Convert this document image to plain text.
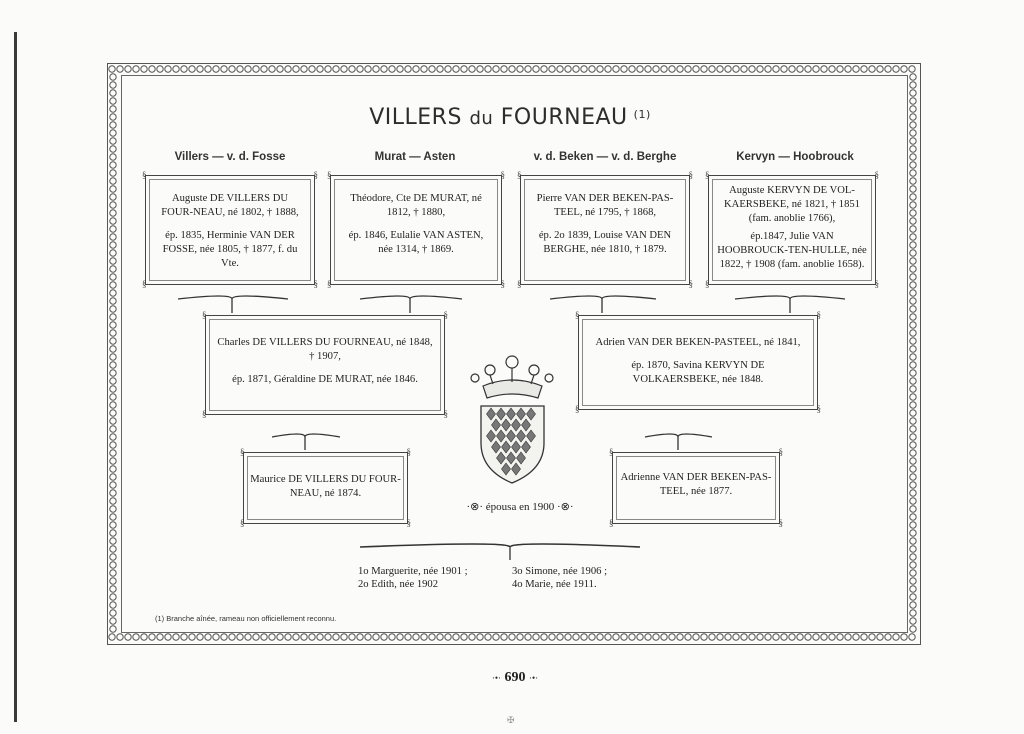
VILLERS du FOURNEAU $^{(1)}$
Villers — v. d. Fosse	Murat — Asten	v. d. Beken — v. d. Berghe	Kervyn — Hoobrouck
§	§
§	§

Auguste DE VILLERS DU FOUR-NEAU, né 1802, † 1888,

ép. 1835, Herminie VAN DER FOSSE, née 1805, † 1877, f. du Vte.

§	§
§	§

Théodore, Cte DE MURAT, né 1812, † 1880,

ép. 1846, Eulalie VAN ASTEN, née 1314, † 1869.

§	§
§	§

Pierre VAN DER BEKEN-PAS-TEEL, né 1795, † 1868,

ép. 2o 1839, Louise VAN DEN BERGHE, née 1810, † 1879.

§	§
§	§

Auguste KERVYN DE VOL-KAERSBEKE, né 1821, † 1851 (fam. anoblie 1766),

ép.1847, Julie VAN HOOBROUCK-TEN-HULLE, née 1822, † 1908 (fam. anoblie 1658).

§	§
§	§

Charles DE VILLERS DU FOURNEAU, né 1848, † 1907,

ép. 1871, Géraldine DE MURAT, née 1846.

§	§
§	§

Adrien VAN DER BEKEN-PASTEEL, né 1841,

ép. 1870, Savina KERVYN DE VOLKAERSBEKE, née 1848.

§	§
§	§

Maurice DE VILLERS DU FOUR-NEAU, né 1874.

§	§
§	§

Adrienne VAN DER BEKEN-PAS-TEEL, née 1877.

·⊗· épousa en 1900 ·⊗·
1o Marguerite, née 1901 ;
2o Edith, née 1902
3o Simone, née 1906 ;
4o Marie, née 1911.
(1) Branche aînée, rameau non officiellement reconnu.
·•· 690 ·•·
✠
